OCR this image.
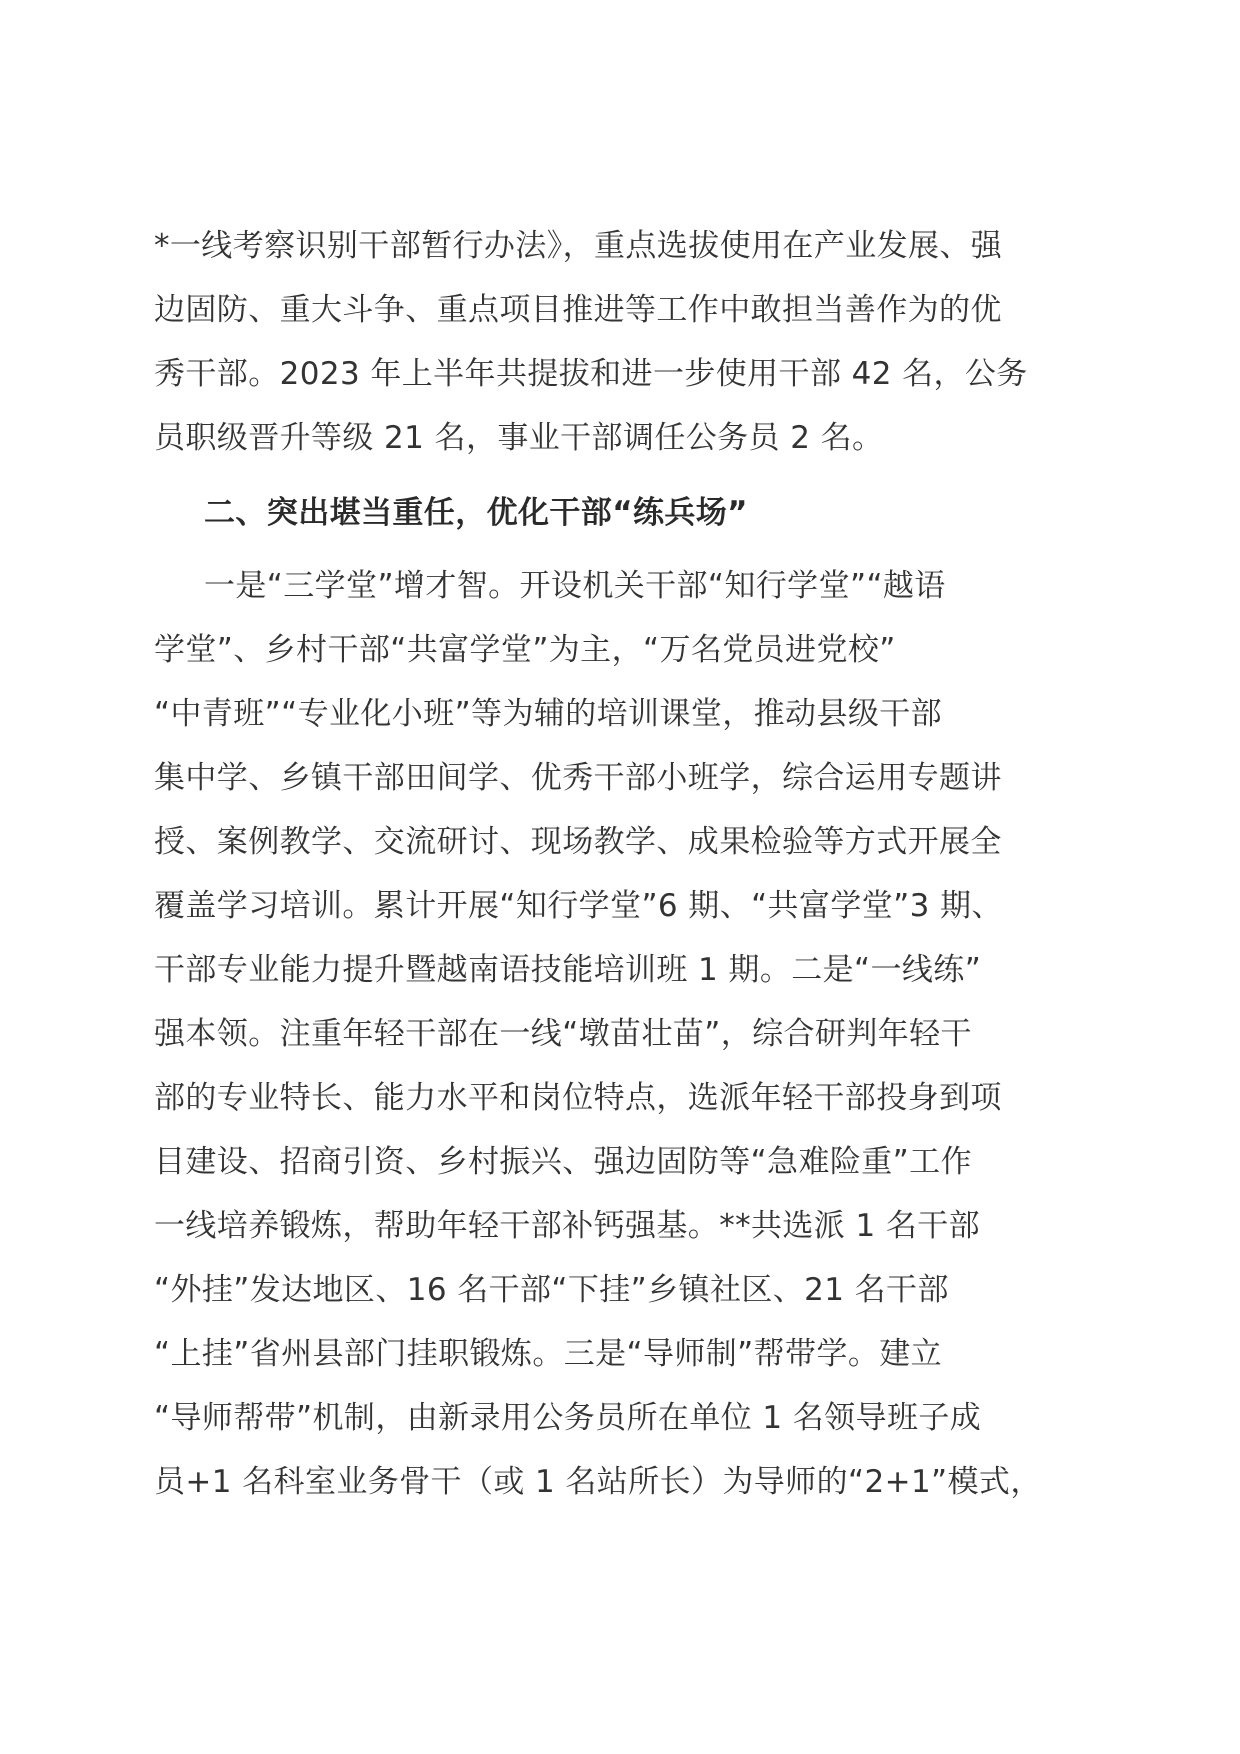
*一线考察识别干部暂行办法》，重点选拔使用在产业发展、强
边固防、重大斗争、重点项目推进等工作中敢担当善作为的优
秀干部。2023 年上半年共提拔和进一步使用干部 42 名，公务
员职级晋升等级 21 名，事业干部调任公务员 2 名。
二、突出堪当重任，优化干部“练兵场”
一是“三学堂”增才智。开设机关干部“知行学堂”“越语
学堂”、乡村干部“共富学堂”为主，“万名党员进党校”
“中青班”“专业化小班”等为辅的培训课堂，推动县级干部
集中学、乡镇干部田间学、优秀干部小班学，综合运用专题讲
授、案例教学、交流研讨、现场教学、成果检验等方式开展全
覆盖学习培训。累计开展“知行学堂”6 期、“共富学堂”3 期、
干部专业能力提升暨越南语技能培训班 1 期。二是“一线练”
强本领。注重年轻干部在一线“墩苗壮苗”，综合研判年轻干
部的专业特长、能力水平和岗位特点，选派年轻干部投身到项
目建设、招商引资、乡村振兴、强边固防等“急难险重”工作
一线培养锻炼，帮助年轻干部补钙强基。**共选派 1 名干部
“外挂”发达地区、16 名干部“下挂”乡镇社区、21 名干部
“上挂”省州县部门挂职锻炼。三是“导师制”帮带学。建立
“导师帮带”机制，由新录用公务员所在单位 1 名领导班子成
员+1 名科室业务骨干（或 1 名站所长）为导师的“2+1”模式，
